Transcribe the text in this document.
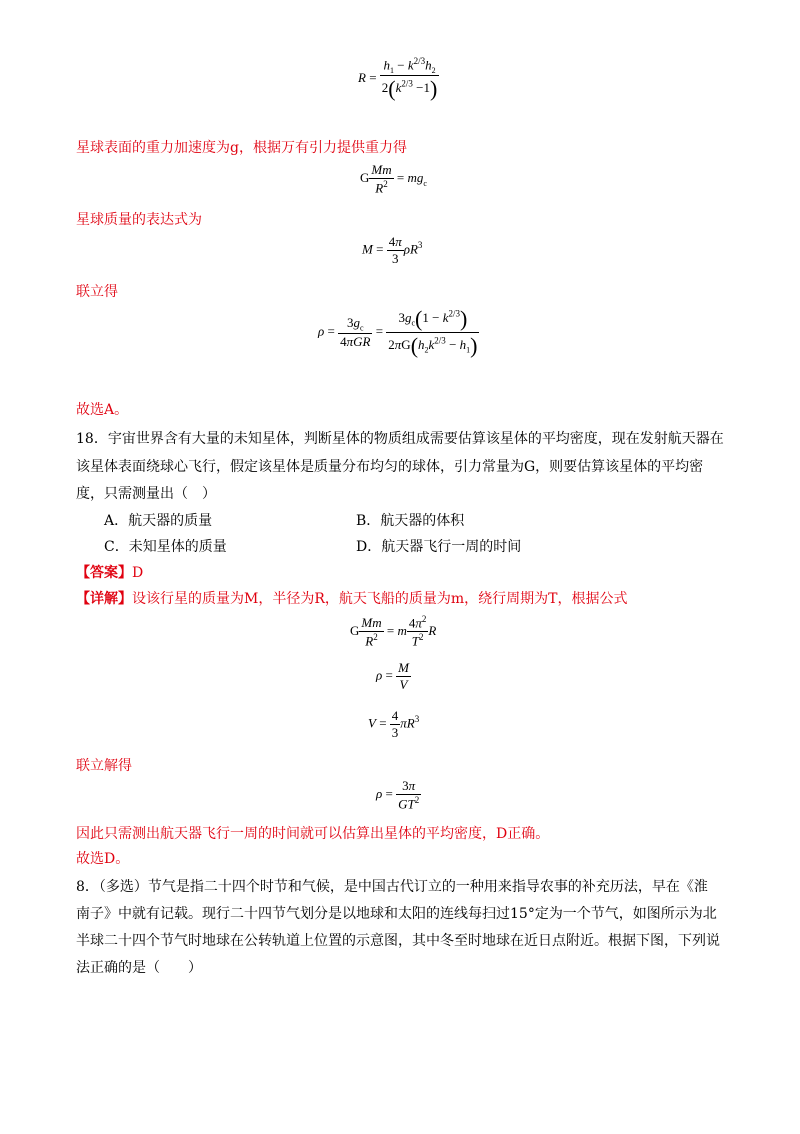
$R = \frac{h_1 - k^{2/3}h_2}{2(k^{2/3} -1)}$
星球表面的重力加速度为g，根据万有引力提供重力得
G $\frac{Mm}{R^2} = mg_c$
星球质量的表达式为
$M = \frac{4\pi}{3} \rho R^3$
联立得
$\rho = \frac{3g_c}{\text{4πGR}} = \frac{3g_c(1 - k^{2/3})}{2\pi G(h_2k^{2/3} - h_1)}$
故选A。
18．宇宙世界含有大量的未知星体，判断星体的物质组成需要估算该星体的平均密度，现在发射航天器在
该星体表面绕球心飞行，假定该星体是质量分布均匀的球体，引力常量为G，则要估算该星体的平均密
度，只需测量出（　）
A．航天器的质量	B．航天器的体积
C．未知星体的质量	D．航天器飞行一周的时间
【答案】D
【详解】设该行星的质量为M，半径为R，航天飞船的质量为m，绕行周期为T，根据公式
G $\frac{Mm}{R^2} = m \frac{4\pi^2}{T^2}$ R
$\rho = \frac{M}{V}$
$V = \frac{4}{3} \pi R^3$
联立解得
$\rho = \frac{3\pi}{GT^2}$
因此只需测出航天器飞行一周的时间就可以估算出星体的平均密度，D正确。
故选D。
8．（多选）节气是指二十四个时节和气候，是中国古代订立的一种用来指导农事的补充历法，早在《淮
南子》中就有记载。现行二十四节气划分是以地球和太阳的连线每扫过15°定为一个节气，如图所示为北
半球二十四个节气时地球在公转轨道上位置的示意图，其中冬至时地球在近日点附近。根据下图，下列说
法正确的是（　　）
